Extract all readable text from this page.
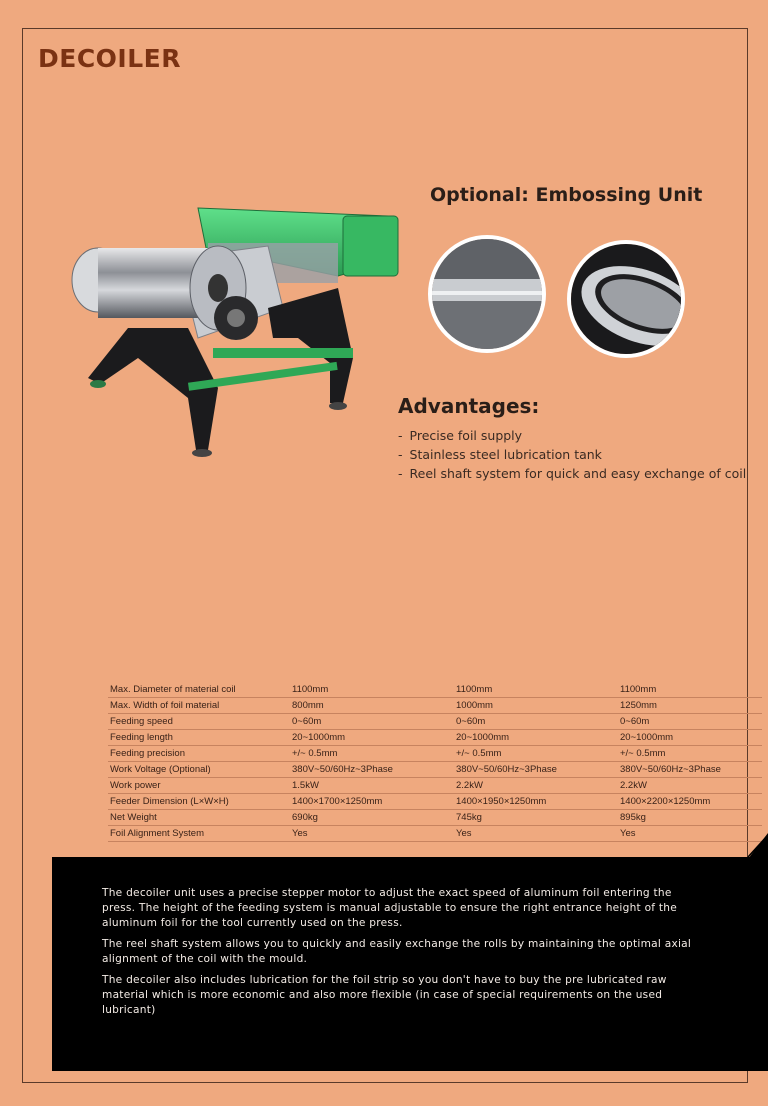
DECOILER
Optional: Embossing Unit
Advantages:
- Precise foil supply
- Stainless steel lubrication tank
- Reel shaft system for quick and easy exchange of coil
Max. Diameter of material coil	1100mm	1100mm	1100mm
Max. Width of foil material	800mm	1000mm	1250mm
Feeding speed	0~60m	0~60m	0~60m
Feeding length	20~1000mm	20~1000mm	20~1000mm
Feeding precision	+/~ 0.5mm	+/~ 0.5mm	+/~ 0.5mm
Work Voltage (Optional)	380V~50/60Hz~3Phase	380V~50/60Hz~3Phase	380V~50/60Hz~3Phase
Work power	1.5kW	2.2kW	2.2kW
Feeder Dimension (L×W×H)	1400×1700×1250mm	1400×1950×1250mm	1400×2200×1250mm
Net Weight	690kg	745kg	895kg
Foil Alignment System	Yes	Yes	Yes

The decoiler unit uses a precise stepper motor to adjust the exact speed of aluminum foil entering the press. The height of the feeding system is manual adjustable to ensure the right entrance height of the aluminum foil for the tool currently used on the press.

The reel shaft system allows you to quickly and easily exchange the rolls by maintaining the optimal axial alignment of the coil with the mould.

The decoiler also includes lubrication for the foil strip so you don't have to buy the pre lubricated raw material which is more economic and also more flexible (in case of special requirements on the used lubricant)
